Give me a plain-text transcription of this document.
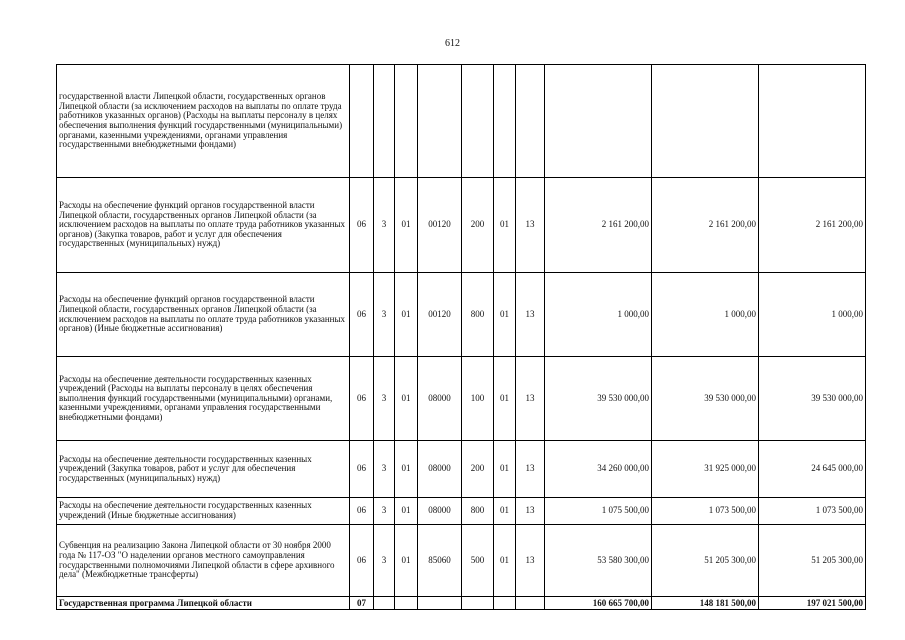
612
государственной власти Липецкой области, государственных органов Липецкой области (за исключением расходов на выплаты по оплате труда работников указанных органов) (Расходы на выплаты персоналу в целях обеспечения выполнения функций государственными (муниципальными) органами, казенными учреждениями, органами управления государственными внебюджетными фондами)										
Расходы на обеспечение функций органов государственной власти Липецкой области, государственных органов Липецкой области (за исключением расходов на выплаты по оплате труда работников указанных органов) (Закупка товаров, работ и услуг для обеспечения государственных (муниципальных) нужд)	06	3	01	00120	200	01	13	2 161 200,00	2 161 200,00	2 161 200,00
Расходы на обеспечение функций органов государственной власти Липецкой области, государственных органов Липецкой области (за исключением расходов на выплаты по оплате труда работников указанных органов) (Иные бюджетные ассигнования)	06	3	01	00120	800	01	13	1 000,00	1 000,00	1 000,00
Расходы на обеспечение деятельности государственных казенных учреждений (Расходы на выплаты персоналу в целях обеспечения выполнения функций государственными (муниципальными) органами, казенными учреждениями, органами управления государственными внебюджетными фондами)	06	3	01	08000	100	01	13	39 530 000,00	39 530 000,00	39 530 000,00
Расходы на обеспечение деятельности государственных казенных учреждений (Закупка товаров, работ и услуг для обеспечения государственных (муниципальных) нужд)	06	3	01	08000	200	01	13	34 260 000,00	31 925 000,00	24 645 000,00
Расходы на обеспечение деятельности государственных казенных учреждений (Иные бюджетные ассигнования)	06	3	01	08000	800	01	13	1 075 500,00	1 073 500,00	1 073 500,00
Субвенция на реализацию Закона Липецкой области от 30 ноября 2000 года № 117-ОЗ "О наделении органов местного самоуправления государственными полномочиями Липецкой области в сфере архивного дела" (Межбюджетные трансферты)	06	3	01	85060	500	01	13	53 580 300,00	51 205 300,00	51 205 300,00
Государственная программа Липецкой области	07							160 665 700,00	148 181 500,00	197 021 500,00
